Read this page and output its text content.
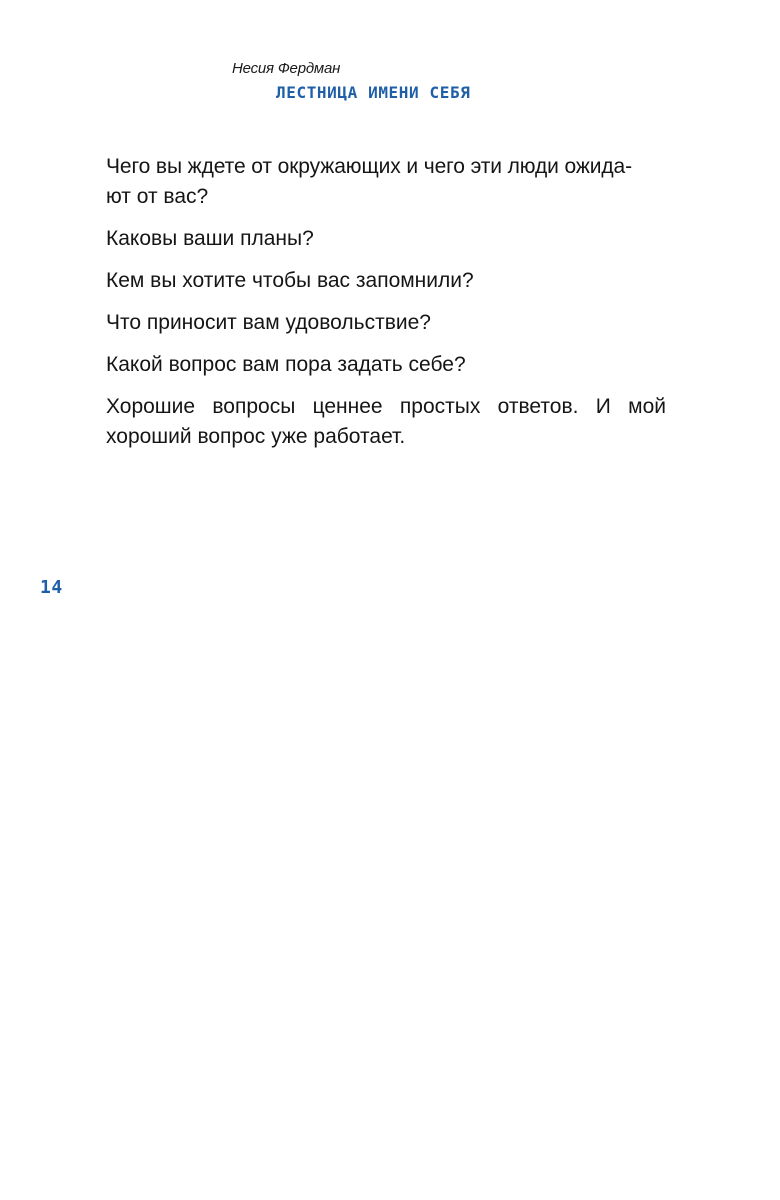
Несия Фердман
ЛЕСТНИЦА ИМЕНИ СЕБЯ

Чего вы ждете от окружающих и чего эти люди ожида-
ют от вас?

Каковы ваши планы?

Кем вы хотите чтобы вас запомнили?

Что приносит вам удовольствие?

Какой вопрос вам пора задать себе?

Хорошие вопросы ценнее простых ответов. И мой
хороший вопрос уже работает.

14
